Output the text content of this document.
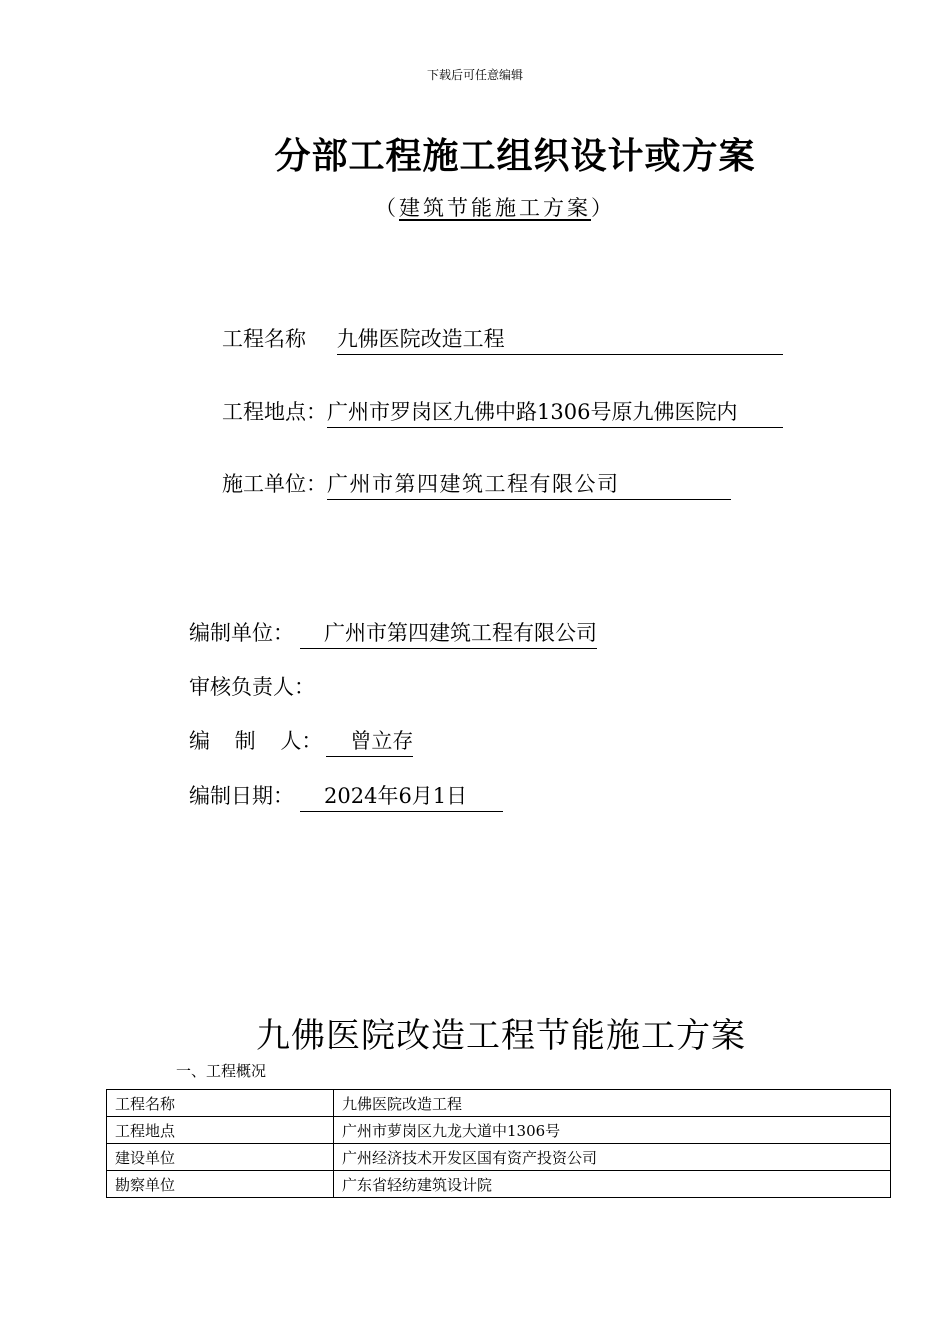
下载后可任意编辑
分部工程施工组织设计或方案
（建筑节能施工方案）
工程名称 九佛医院改造工程
工程地点：广州市罗岗区九佛中路1306号原九佛医院内
施工单位：广州市第四建筑工程有限公司
编制单位： 广州市第四建筑工程有限公司
审核负责人：
编 制 人： 曾立存
编制日期： 2024年6月1日
九佛医院改造工程节能施工方案
一、工程概况
工程名称	九佛医院改造工程
工程地点	广州市萝岗区九龙大道中1306号
建设单位	广州经济技术开发区国有资产投资公司
勘察单位	广东省轻纺建筑设计院
